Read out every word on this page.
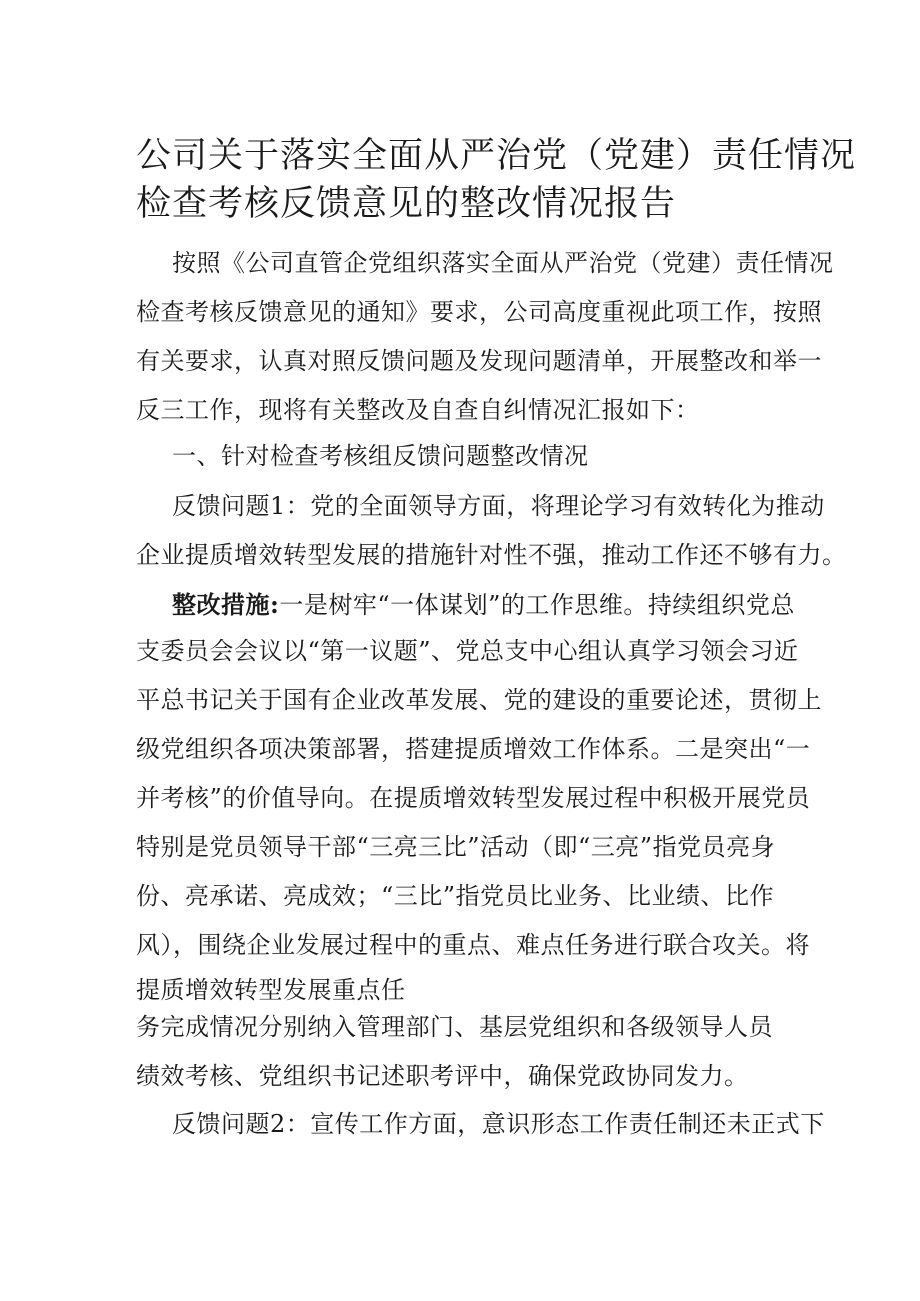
公司关于落实全面从严治党（党建）责任情况
检查考核反馈意见的整改情况报告
按照《公司直管企党组织落实全面从严治党（党建）责任情况
检查考核反馈意见的通知》要求，公司高度重视此项工作，按照
有关要求，认真对照反馈问题及发现问题清单，开展整改和举一
反三工作，现将有关整改及自查自纠情况汇报如下：
一、针对检查考核组反馈问题整改情况
反馈问题1：党的全面领导方面，将理论学习有效转化为推动
企业提质增效转型发展的措施针对性不强，推动工作还不够有力。
整改措施:一是树牢“一体谋划”的工作思维。持续组织党总
支委员会会议以“第一议题”、党总支中心组认真学习领会习近
平总书记关于国有企业改革发展、党的建设的重要论述，贯彻上
级党组织各项决策部署，搭建提质增效工作体系。二是突出“一
并考核”的价值导向。在提质增效转型发展过程中积极开展党员
特别是党员领导干部“三亮三比”活动（即“三亮”指党员亮身
份、亮承诺、亮成效；“三比”指党员比业务、比业绩、比作
风），围绕企业发展过程中的重点、难点任务进行联合攻关。将
提质增效转型发展重点任
务完成情况分别纳入管理部门、基层党组织和各级领导人员
绩效考核、党组织书记述职考评中，确保党政协同发力。
反馈问题2：宣传工作方面，意识形态工作责任制还未正式下
